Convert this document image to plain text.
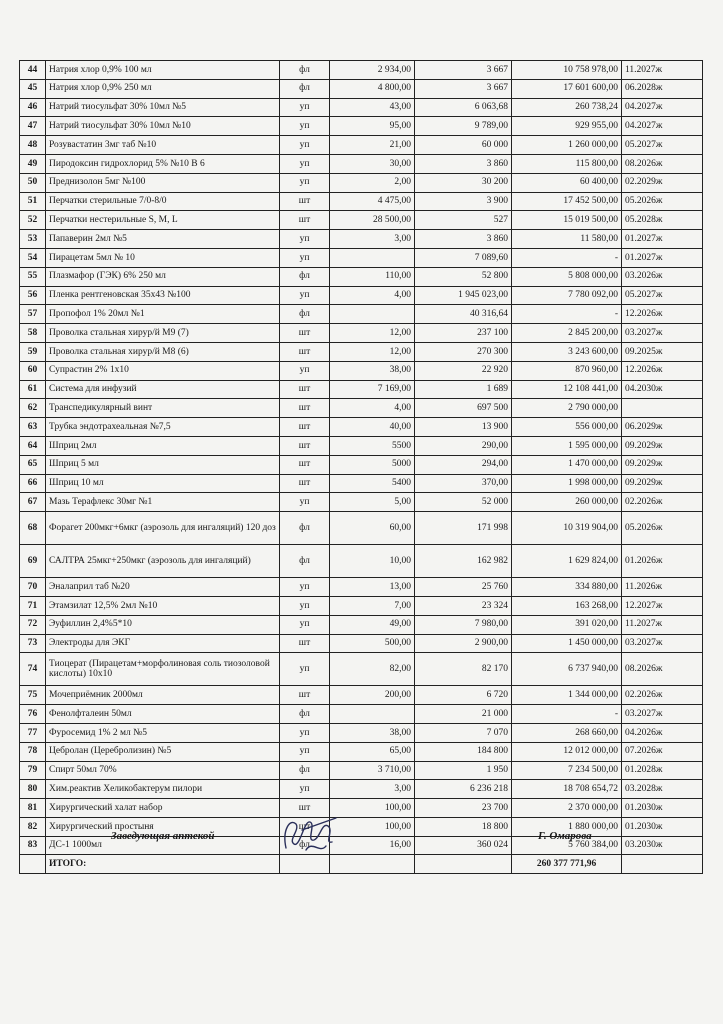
44	Натрия хлор 0,9% 100 мл	фл	2 934,00	3 667	10 758 978,00	11.2027ж
45	Натрия хлор 0,9% 250 мл	фл	4 800,00	3 667	17 601 600,00	06.2028ж
46	Натрий тиосульфат 30% 10мл №5	уп	43,00	6 063,68	260 738,24	04.2027ж
47	Натрий тиосульфат 30% 10мл №10	уп	95,00	9 789,00	929 955,00	04.2027ж
48	Розувастатин 3мг таб №10	уп	21,00	60 000	1 260 000,00	05.2027ж
49	Пиродоксин гидрохлорид 5% №10 В 6	уп	30,00	3 860	115 800,00	08.2026ж
50	Преднизолон 5мг №100	уп	2,00	30 200	60 400,00	02.2029ж
51	Перчатки стерильные 7/0-8/0	шт	4 475,00	3 900	17 452 500,00	05.2026ж
52	Перчатки нестерильные S, M, L	шт	28 500,00	527	15 019 500,00	05.2028ж
53	Папаверин 2мл №5	уп	3,00	3 860	11 580,00	01.2027ж
54	Пирацетам 5мл № 10	уп		7 089,60	-	01.2027ж
55	Плазмафор (ГЭК) 6% 250 мл	фл	110,00	52 800	5 808 000,00	03.2026ж
56	Пленка рентгеновская 35х43 №100	уп	4,00	1 945 023,00	7 780 092,00	05.2027ж
57	Пропофол 1% 20мл №1	фл		40 316,64	-	12.2026ж
58	Проволка стальная хирур/й М9 (7)	шт	12,00	237 100	2 845 200,00	03.2027ж
59	Проволка стальная хирур/й М8 (6)	шт	12,00	270 300	3 243 600,00	09.2025ж
60	Супрастин 2% 1х10	уп	38,00	22 920	870 960,00	12.2026ж
61	Система для инфузий	шт	7 169,00	1 689	12 108 441,00	04.2030ж
62	Транспедикулярный винт	шт	4,00	697 500	2 790 000,00	
63	Трубка эндотрахеальная №7,5	шт	40,00	13 900	556 000,00	06.2029ж
64	Шприц 2мл	шт	5500	290,00	1 595 000,00	09.2029ж
65	Шприц 5 мл	шт	5000	294,00	1 470 000,00	09.2029ж
66	Шприц 10 мл	шт	5400	370,00	1 998 000,00	09.2029ж
67	Мазь Терафлекс 30мг №1	уп	5,00	52 000	260 000,00	02.2026ж
68	Форагет 200мкг+6мкг (аэрозоль для ингаляций) 120 доз	фл	60,00	171 998	10 319 904,00	05.2026ж
69	САЛТРА 25мкг+250мкг (аэрозоль для ингаляций)	фл	10,00	162 982	1 629 824,00	01.2026ж
70	Эналаприл таб №20	уп	13,00	25 760	334 880,00	11.2026ж
71	Этамзилат 12,5% 2мл №10	уп	7,00	23 324	163 268,00	12.2027ж
72	Эуфиллин 2,4%5*10	уп	49,00	7 980,00	391 020,00	11.2027ж
73	Электроды для ЭКГ	шт	500,00	2 900,00	1 450 000,00	03.2027ж
74	Тиоцерат (Пирацетам+морфолиновая соль тиозоловой кислоты) 10х10	уп	82,00	82 170	6 737 940,00	08.2026ж
75	Мочеприёмник 2000мл	шт	200,00	6 720	1 344 000,00	02.2026ж
76	Фенолфталеин 50мл	фл		21 000	-	03.2027ж
77	Фуросемид 1% 2 мл №5	уп	38,00	7 070	268 660,00	04.2026ж
78	Цебролан (Церебролизин) №5	уп	65,00	184 800	12 012 000,00	07.2026ж
79	Спирт 50мл 70%	фл	3 710,00	1 950	7 234 500,00	01.2028ж
80	Хим.реактив Хеликобактерум пилори	уп	3,00	6 236 218	18 708 654,72	03.2028ж
81	Хирургический халат набор	шт	100,00	23 700	2 370 000,00	01.2030ж
82	Хирургический простыня	шт	100,00	18 800	1 880 000,00	01.2030ж
83	ДС-1 1000мл	фл	16,00	360 024	5 760 384,00	03.2030ж
	ИТОГО:				260 377 771,96	
Заведующая аптекой	Г. Омарова
